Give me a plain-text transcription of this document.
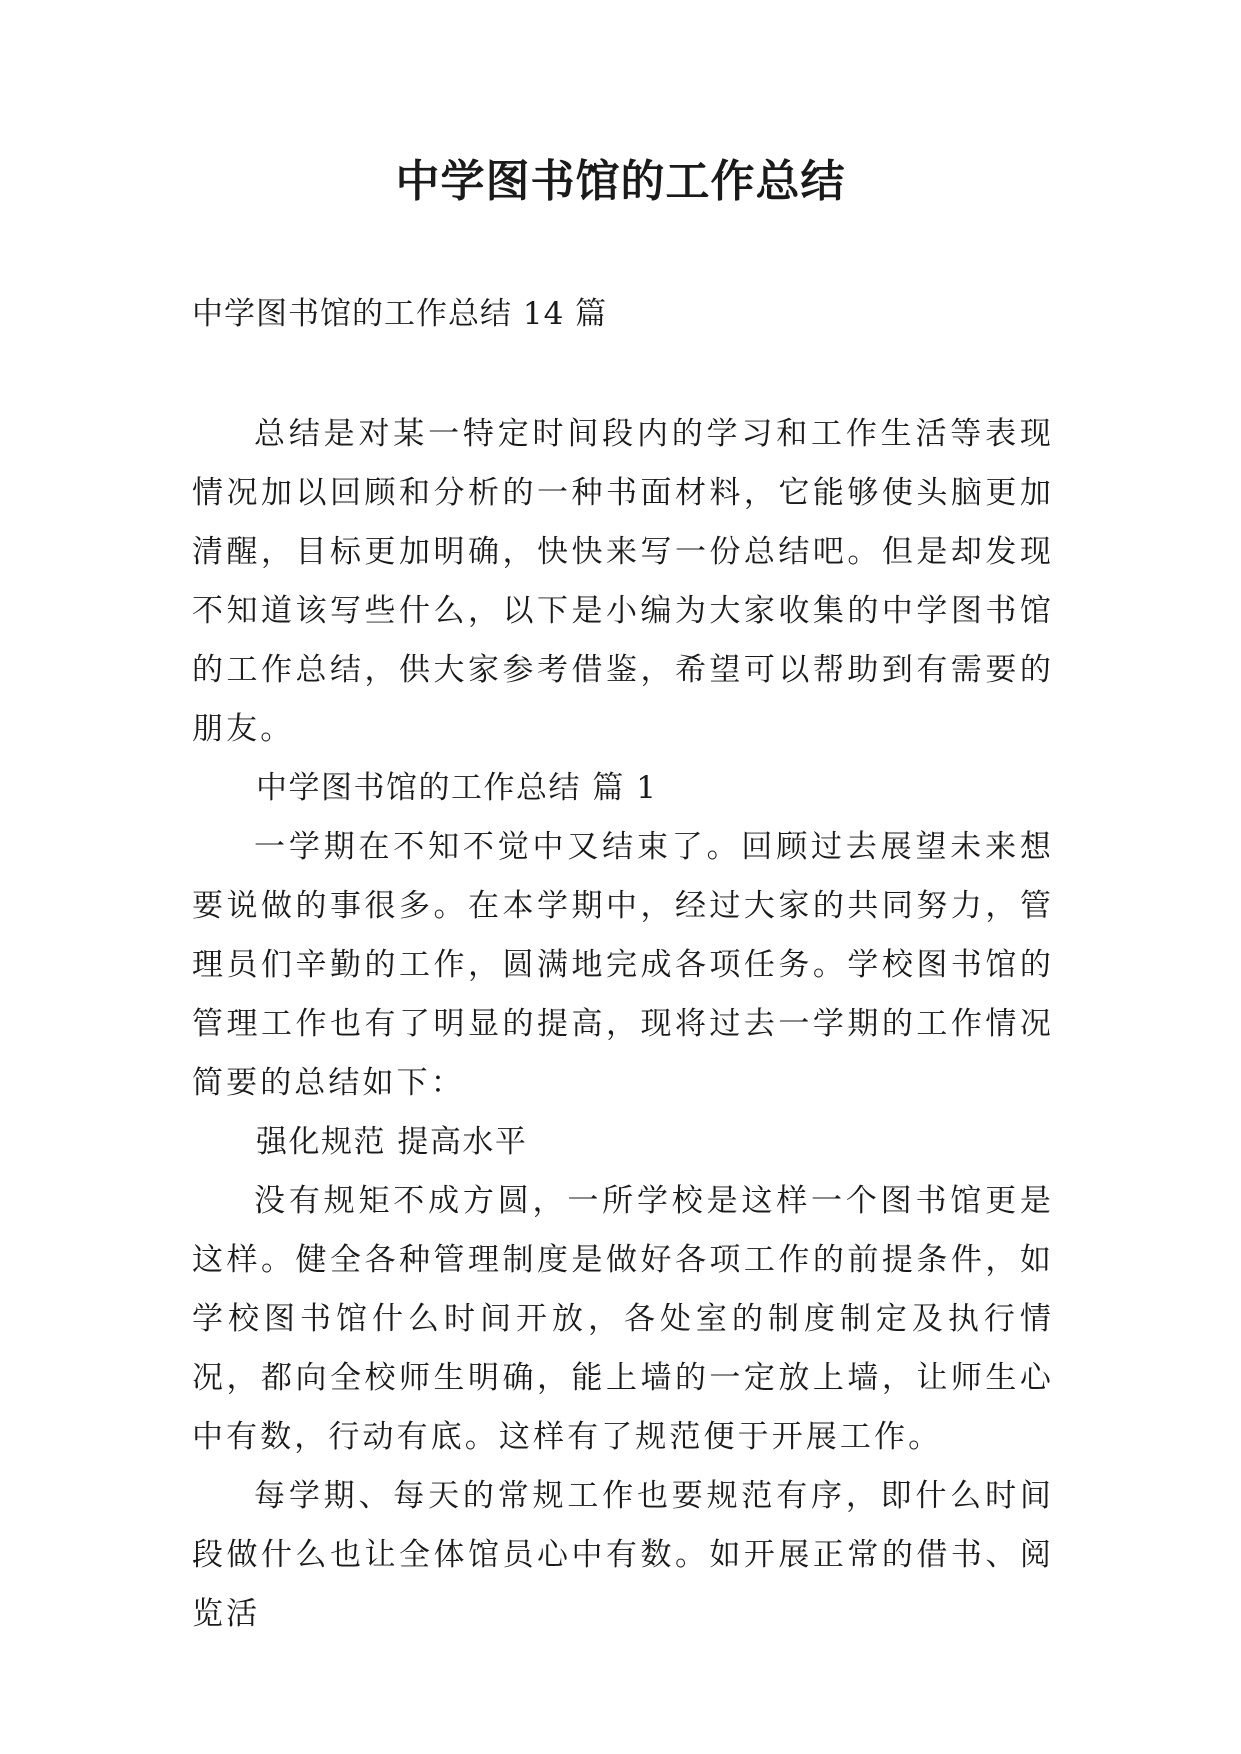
中学图书馆的工作总结
中学图书馆的工作总结 14 篇

总结是对某一特定时间段内的学习和工作生活等表现情况加以回顾和分析的一种书面材料，它能够使头脑更加清醒，目标更加明确，快快来写一份总结吧。但是却发现不知道该写些什么，以下是小编为大家收集的中学图书馆的工作总结，供大家参考借鉴，希望可以帮助到有需要的朋友。

中学图书馆的工作总结 篇 1

一学期在不知不觉中又结束了。回顾过去展望未来想要说做的事很多。在本学期中，经过大家的共同努力，管理员们辛勤的工作，圆满地完成各项任务。学校图书馆的管理工作也有了明显的提高，现将过去一学期的工作情况简要的总结如下：

强化规范 提高水平

没有规矩不成方圆，一所学校是这样一个图书馆更是这样。健全各种管理制度是做好各项工作的前提条件，如学校图书馆什么时间开放，各处室的制度制定及执行情况，都向全校师生明确，能上墙的一定放上墙，让师生心中有数，行动有底。这样有了规范便于开展工作。

每学期、每天的常规工作也要规范有序，即什么时间段做什么也让全体馆员心中有数。如开展正常的借书、阅览活
